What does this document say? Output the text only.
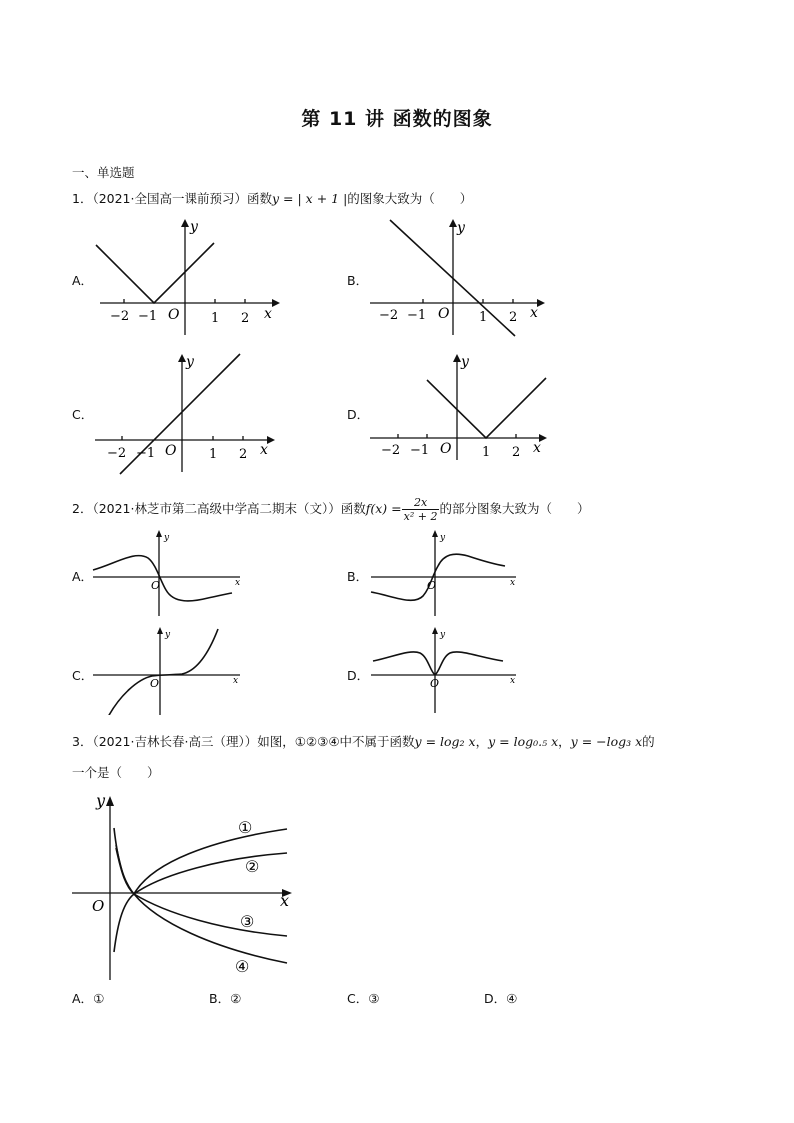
第 11 讲 函数的图象
一、单选题
1．（2021·全国高一课前预习）函数y = | x + 1 |的图象大致为（　　）
A．	B．
C．	D．
−2 −1 O 1 2 x
y
−2 −1 O 1 2 x
y
−2 −1 O	1 2 x
y
−2 −1 O 1 2 x
y
2．（2021·林芝市第二高级中学高二期末（文））函数$f(x) = \frac{2x}{\text{x² + 2}}$ 的部分图象大致为（　　）
A．	B．
C．	D．
O	x
y
O	x
y
O	x
y
O	x
y
3．（2021·吉林长春·高三（理））如图，①②③④中不属于函数y = log₂ x，y = log₀.₅ x，y = −log₃ x的
一个是（　　）
y
x
O
①
②
③
④
A．①	B．②	C．③	D．④
